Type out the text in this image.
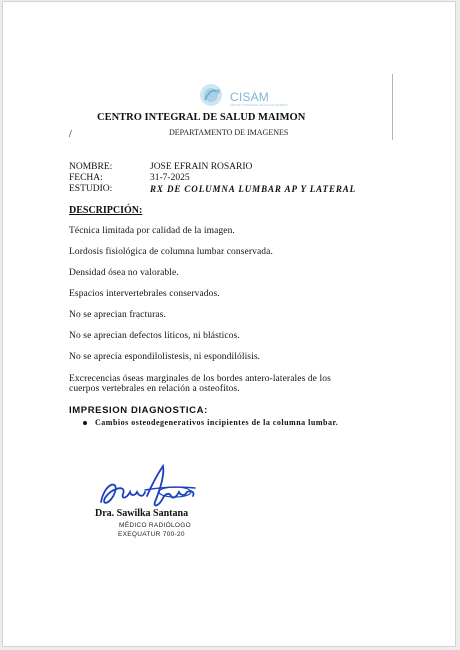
CISAM
CENTRO INTEGRAL DE SALUD MAIMON
CENTRO INTEGRAL DE SALUD MAIMON
/	DEPARTAMENTO DE IMAGENES
NOMBRE:	JOSE EFRAIN ROSARIO
FECHA:	31-7-2025
ESTUDIO:	RX DE COLUMNA LUMBAR AP Y LATERAL
DESCRIPCIÓN:
Técnica limitada por calidad de la imagen.
Lordosis fisiológica de columna lumbar conservada.
Densidad ósea no valorable.
Espacios intervertebrales conservados.
No se aprecian fracturas.
No se aprecian defectos líticos, ni blásticos.
No se aprecia espondilolistesis, ni espondilólisis.
Excrecencias óseas marginales de los bordes antero-laterales de los
cuerpos vertebrales en relación a osteofitos.
IMPRESION DIAGNOSTICA:
Cambios osteodegenerativos incipientes de la columna lumbar.
Dra. Sawilka Santana
MÉDICO RADIÓLOGO
EXEQUATUR 700-20
